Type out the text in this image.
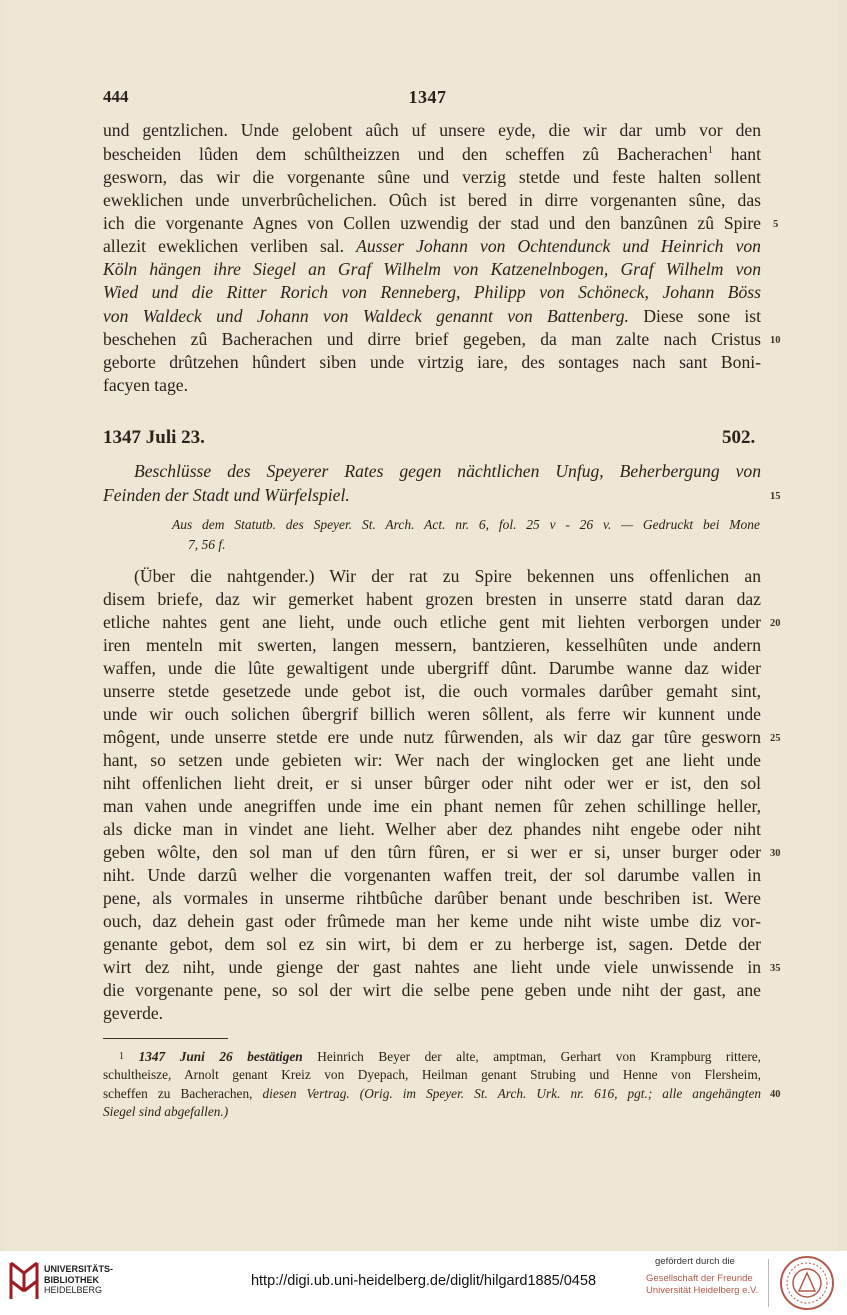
444	1347
und gentzlichen. Unde gelobent aûch uf unsere eyde, die wir dar umb vor den
bescheiden lûden dem schûltheizzen und den scheffen zû Bacherachen$^1$ hant
gesworn, das wir die vorgenante sûne und verzig stetde und feste halten sollent
eweklichen unde unverbrûchelichen. Oûch ist bered in dirre vorgenanten sûne, das
ich die vorgenante Agnes von Collen uzwendig der stad und den banzûnen zû Spire
allezit eweklichen verliben sal. Ausser Johann von Ochtendunck und Heinrich von
Köln hängen ihre Siegel an Graf Wilhelm von Katzenelnbogen, Graf Wilhelm von
Wied und die Ritter Rorich von Renneberg, Philipp von Schöneck, Johann Böss
von Waldeck und Johann von Waldeck genannt von Battenberg. Diese sone ist
beschehen zû Bacherachen und dirre brief gegeben, da man zalte nach Cristus
geborte drûtzehen hûndert siben unde virtzig iare, des sontages nach sant Boni-
facyen tage.
1347 Juli 23.	502.
Beschlüsse des Speyerer Rates gegen nächtlichen Unfug, Beherbergung von
Feinden der Stadt und Würfelspiel.
Aus dem Statutb. des Speyer. St. Arch. Act. nr. 6, fol. 25 v - 26 v. — Gedruckt bei Mone
7, 56 f.
(Über die nahtgender.) Wir der rat zu Spire bekennen uns offenlichen an
disem briefe, daz wir gemerket habent grozen bresten in unserre statd daran daz
etliche nahtes gent ane lieht, unde ouch etliche gent mit liehten verborgen under
iren menteln mit swerten, langen messern, bantzieren, kesselhûten unde andern
waffen, unde die lûte gewaltigent unde ubergriff dûnt. Darumbe wanne daz wider
unserre stetde gesetzede unde gebot ist, die ouch vormales darûber gemaht sint,
unde wir ouch solichen ûbergrif billich weren sôllent, als ferre wir kunnent unde
môgent, unde unserre stetde ere unde nutz fûrwenden, als wir daz gar tûre gesworn
hant, so setzen unde gebieten wir: Wer nach der winglocken get ane lieht unde
niht offenlichen lieht dreit, er si unser bûrger oder niht oder wer er ist, den sol
man vahen unde anegriffen unde ime ein phant nemen fûr zehen schillinge heller,
als dicke man in vindet ane lieht. Welher aber dez phandes niht engebe oder niht
geben wôlte, den sol man uf den tûrn fûren, er si wer er si, unser burger oder
niht. Unde darzû welher die vorgenanten waffen treit, der sol darumbe vallen in
pene, als vormales in unserme rihtbûche darûber benant unde beschriben ist. Were
ouch, daz dehein gast oder frûmede man her keme unde niht wiste umbe diz vor-
genante gebot, dem sol ez sin wirt, bi dem er zu herberge ist, sagen. Detde der
wirt dez niht, unde gienge der gast nahtes ane lieht unde viele unwissende in
die vorgenante pene, so sol der wirt die selbe pene geben unde niht der gast, ane
geverde.
5
10
15
20
25
30
35
40
$^1$ 1347 Juni 26 bestätigen Heinrich Beyer der alte, amptman, Gerhart von Krampburg rittere,
schultheisze, Arnolt genant Kreiz von Dyepach, Heilman genant Strubing und Henne von Flersheim,
scheffen zu Bacherachen, diesen Vertrag. (Orig. im Speyer. St. Arch. Urk. nr. 616, pgt.; alle angehängten
Siegel sind abgefallen.)
UNIVERSITÄTS-
BIBLIOTHEK
HEIDELBERG
http://digi.ub.uni-heidelberg.de/diglit/hilgard1885/0458
gefördert durch die
Gesellschaft der Freunde
Universität Heidelberg e.V.
